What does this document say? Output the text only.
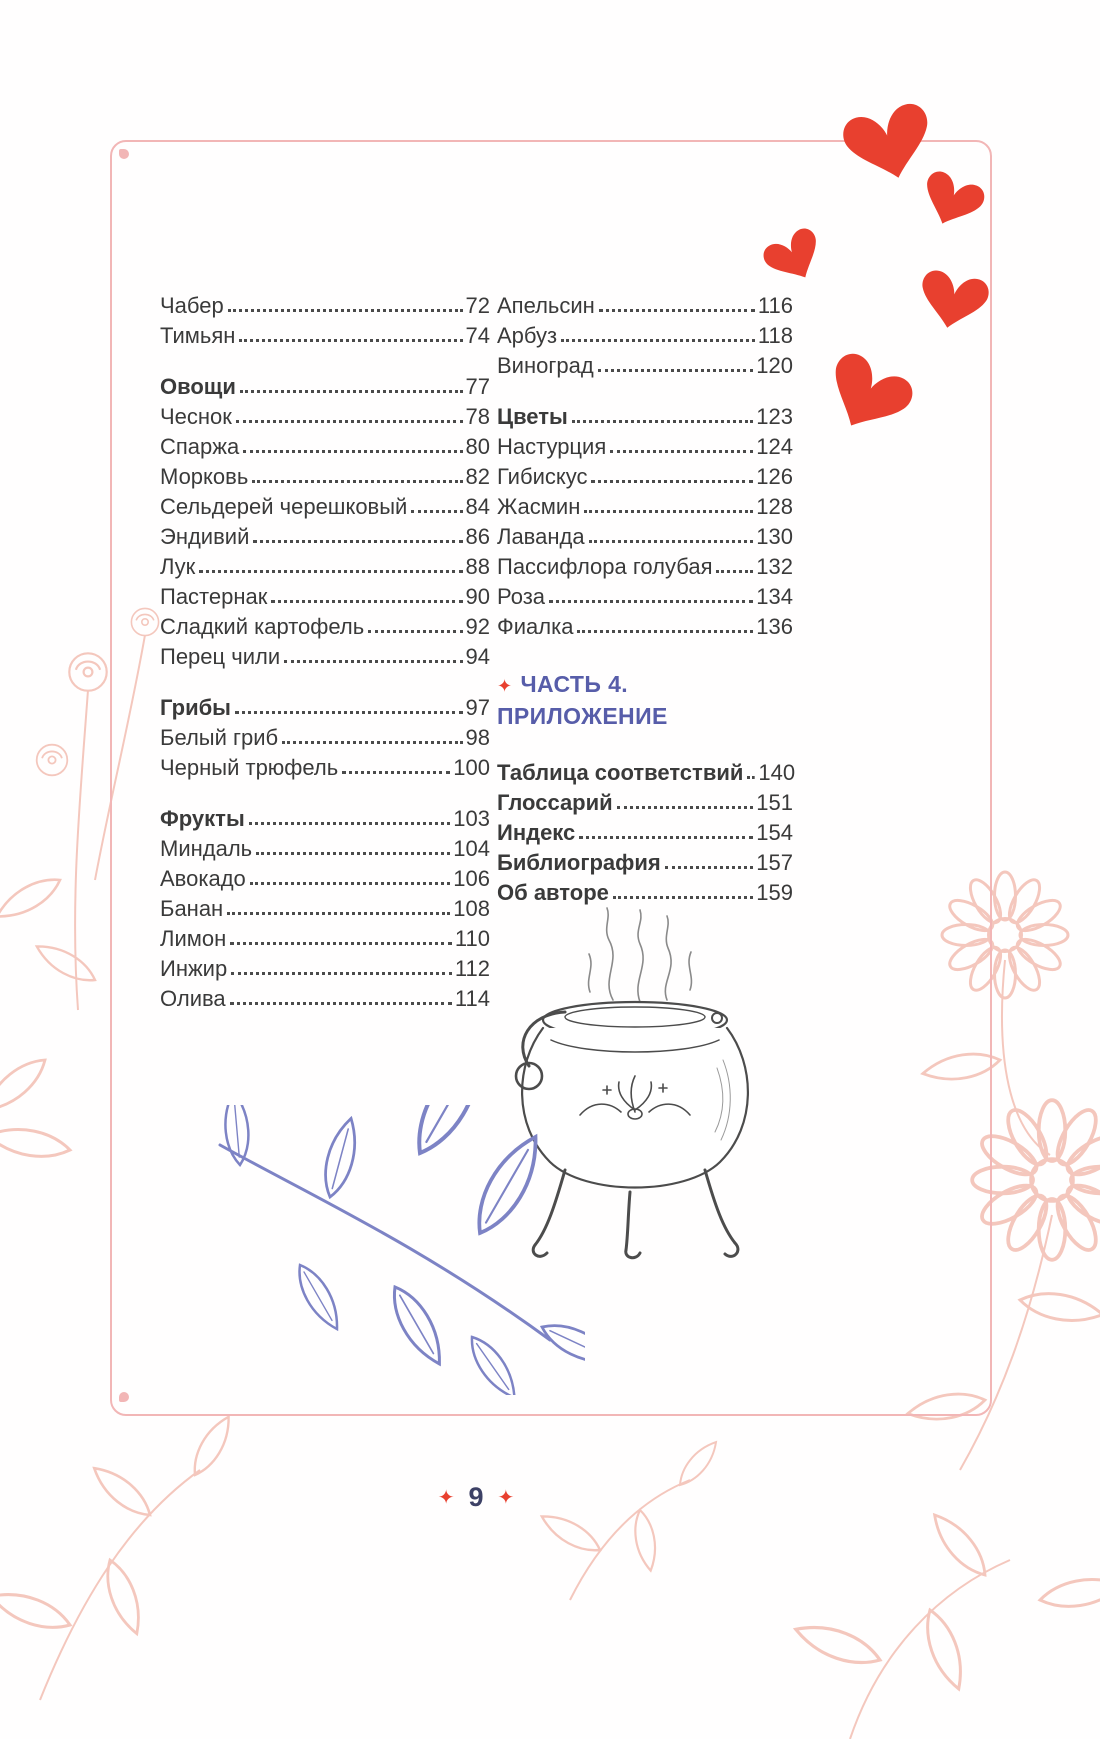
Чабер	72
Тимьян	74
Овощи	77
Чеснок	78
Спаржа	80
Морковь	82
Сельдерей черешковый	84
Эндивий	86
Лук	88
Пастернак	90
Сладкий картофель	92
Перец чили	94
Грибы	97
Белый гриб	98
Черный трюфель	100
Фрукты	103
Миндаль	104
Авокадо	106
Банан	108
Лимон	110
Инжир	112
Олива	114
Апельсин	116
Арбуз	118
Виноград	120
Цветы	123
Настурция	124
Гибискус	126
Жасмин	128
Лаванда	130
Пассифлора голубая 132
Роза	134
Фиалка	136
✦ ЧАСТЬ 4.
ПРИЛОЖЕНИЕ
Таблица соответствий 140
Глоссарий	151
Индекс	154
Библиография	157
Об авторе	159
✦ 9 ✦
